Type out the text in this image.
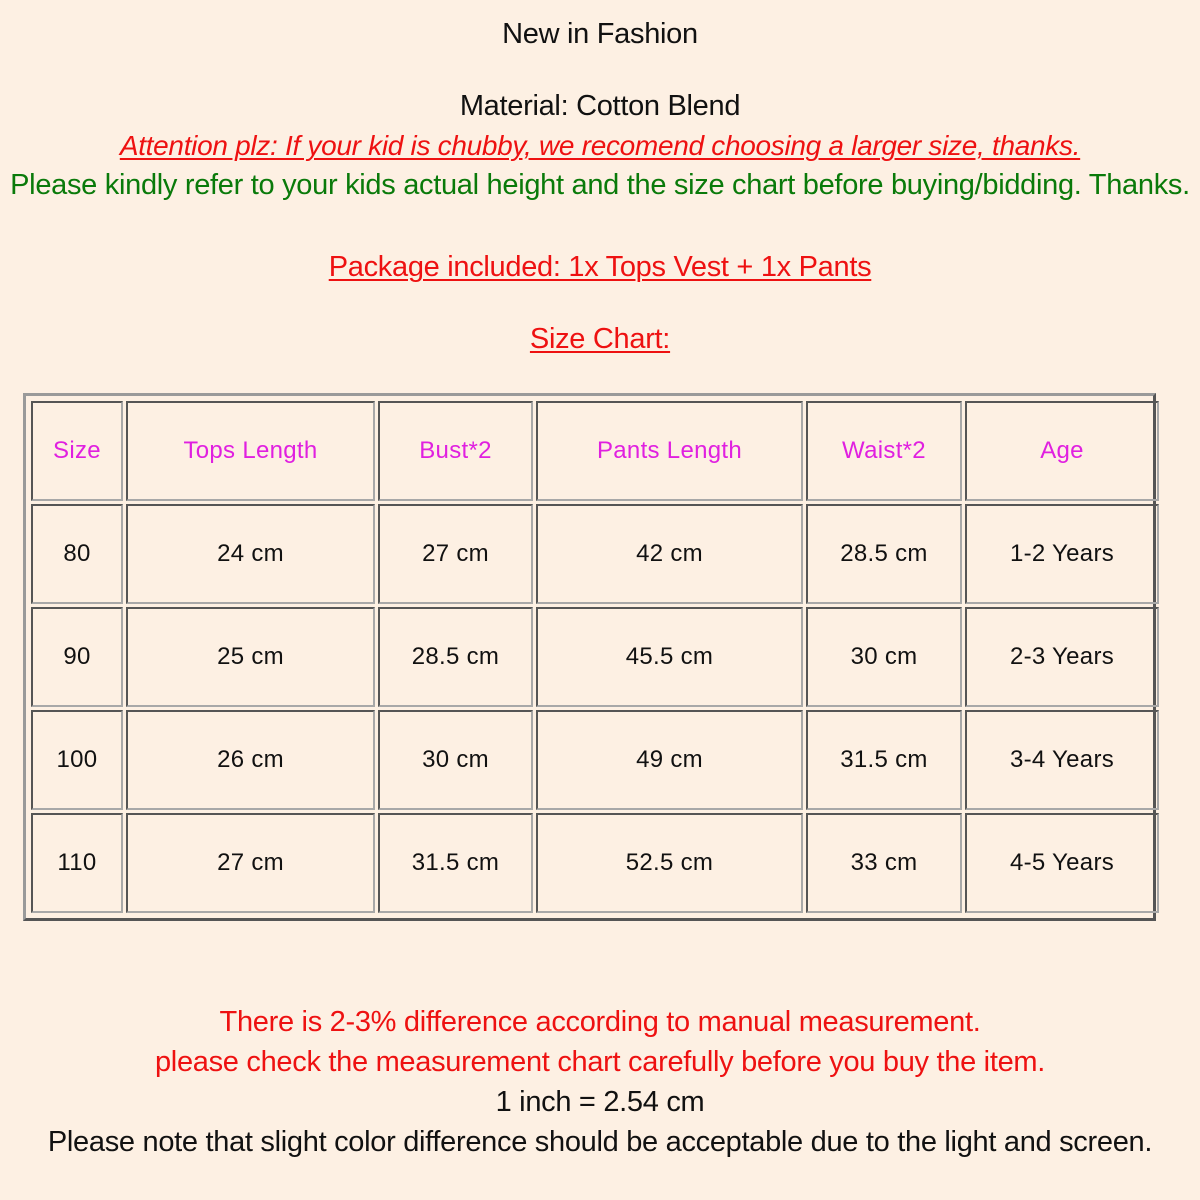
New in Fashion
Material: Cotton Blend
Attention plz: If your kid is chubby, we recomend choosing a larger size, thanks.
Please kindly refer to your kids actual height and the size chart before buying/bidding. Thanks.
Package included: 1x Tops Vest + 1x Pants
Size Chart:
Size	Tops Length	Bust*2	Pants Length	Waist*2	Age
80	24 cm	27 cm	42 cm	28.5 cm	1-2 Years
90	25 cm	28.5 cm	45.5 cm	30 cm	2-3 Years
100	26 cm	30 cm	49 cm	31.5 cm	3-4 Years
110	27 cm	31.5 cm	52.5 cm	33 cm	4-5 Years
There is 2-3% difference according to manual measurement.
please check the measurement chart carefully before you buy the item.
1 inch = 2.54 cm
Please note that slight color difference should be acceptable due to the light and screen.
